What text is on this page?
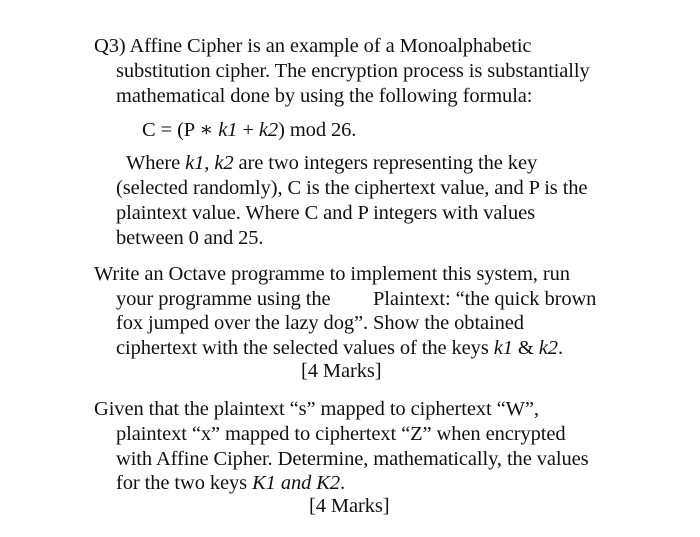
Q3) Affine Cipher is an example of a Monoalphabetic
substitution cipher. The encryption process is substantially
mathematical done by using the following formula:
C = (P ∗ k1 + k2) mod 26.
Where k1, k2 are two integers representing the key
(selected randomly), C is the ciphertext value, and P is the
plaintext value. Where C and P integers with values
between 0 and 25.
Write an Octave programme to implement this system, run
your programme using the Plaintext: “the quick brown
fox jumped over the lazy dog”. Show the obtained
ciphertext with the selected values of the keys k1 & k2.
[4 Marks]
Given that the plaintext “s” mapped to ciphertext “W”,
plaintext “x” mapped to ciphertext “Z” when encrypted
with Affine Cipher. Determine, mathematically, the values
for the two keys K1 and K2.
[4 Marks]
